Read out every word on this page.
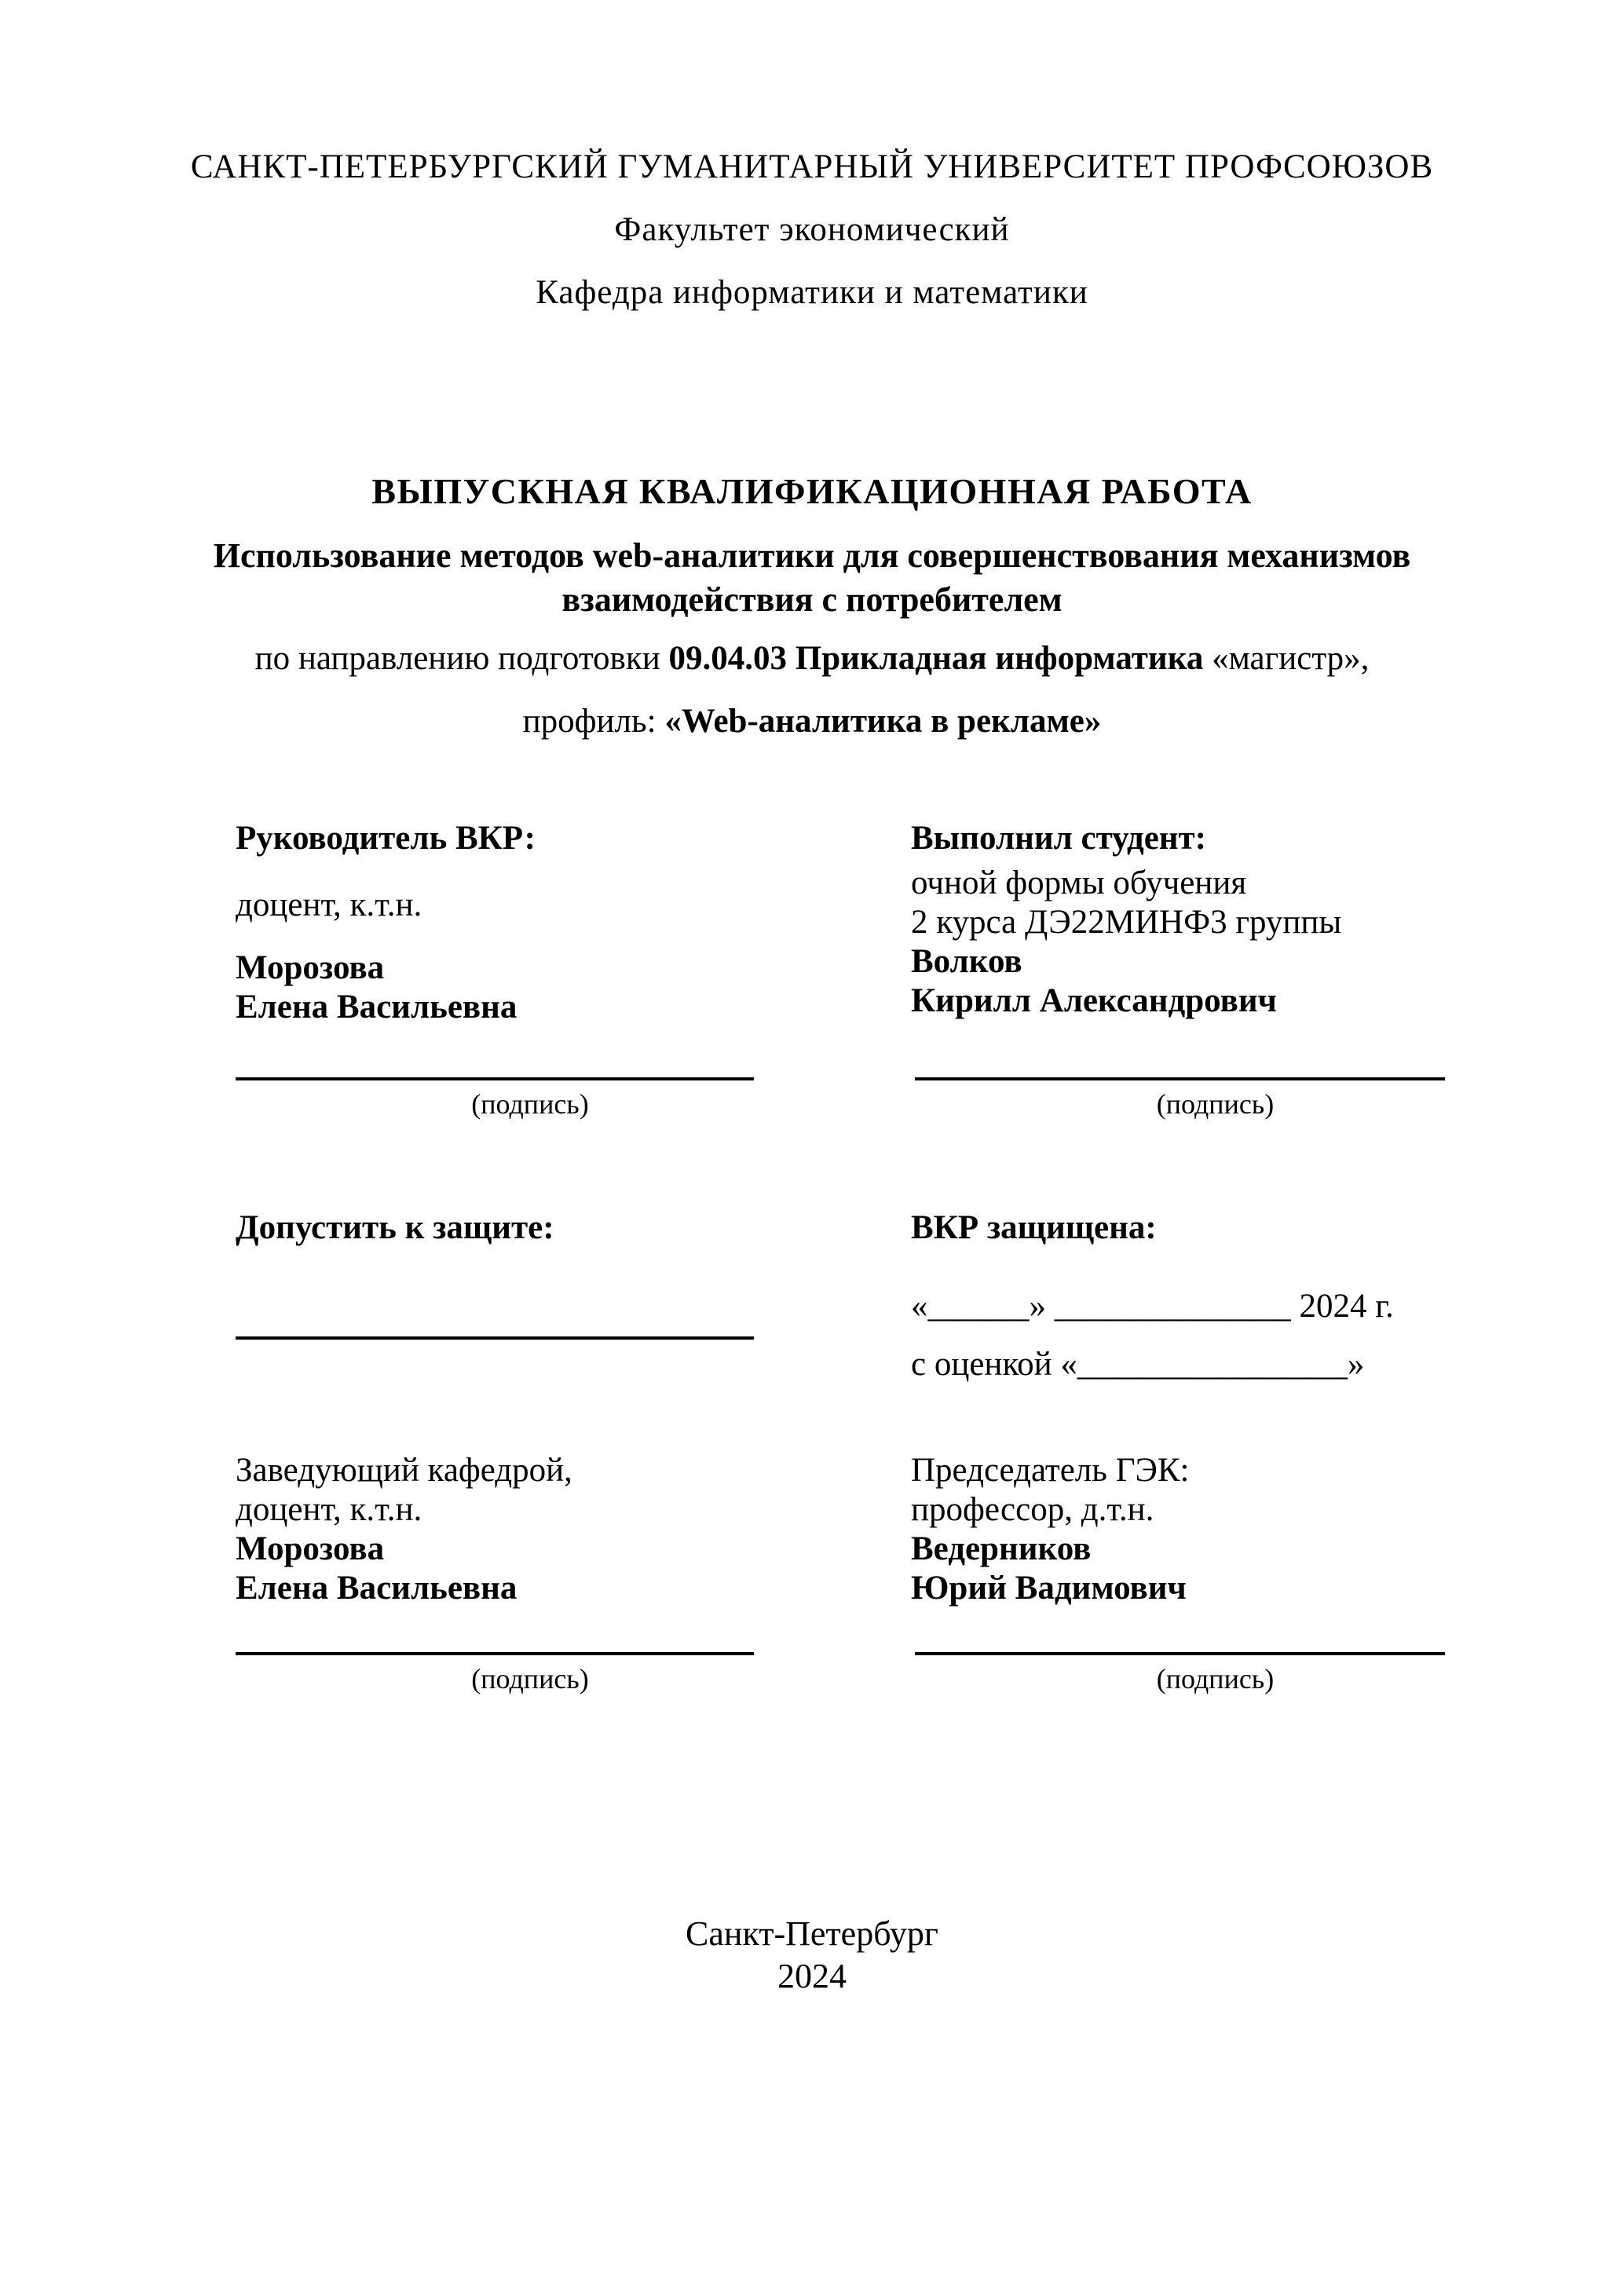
САНКТ-ПЕТЕРБУРГСКИЙ ГУМАНИТАРНЫЙ УНИВЕРСИТЕТ ПРОФСОЮЗОВ
Факультет экономический
Кафедра информатики и математики
ВЫПУСКНАЯ КВАЛИФИКАЦИОННАЯ РАБОТА
Использование методов web-аналитики для совершенствования механизмов взаимодействия с потребителем
по направлению подготовки 09.04.03 Прикладная информатика «магистр»,
профиль: «Web-аналитика в рекламе»
Руководитель ВКР:
доцент, к.т.н.
Морозова
Елена Васильевна
Выполнил студент:
очной формы обучения
2 курса ДЭ22МИНФ3 группы
Волков
Кирилл Александрович
(подпись)	(подпись)
Допустить к защите:	ВКР защищена:
«______» ______________ 2024 г.
с оценкой «________________»
Заведующий кафедрой,
доцент, к.т.н.
Морозова
Елена Васильевна
Председатель ГЭК:
профессор, д.т.н.
Ведерников
Юрий Вадимович
(подпись)	(подпись)
Санкт-Петербург
2024
